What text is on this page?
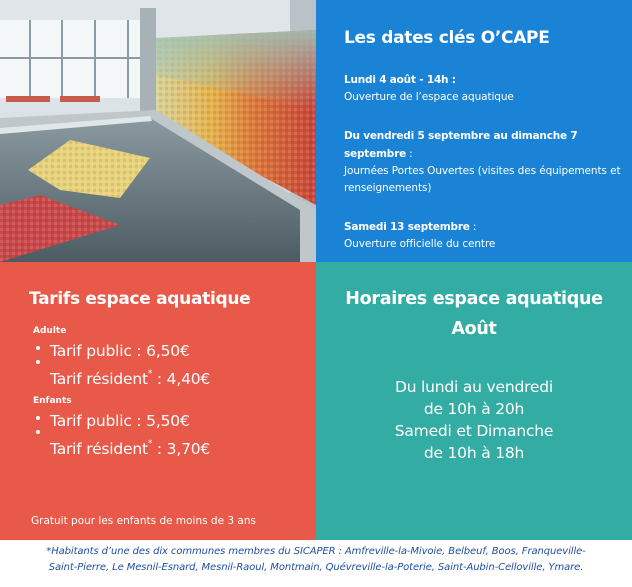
Les dates clés O’CAPE
Lundi 4 août - 14h :
Ouverture de l’espace aquatique
Du vendredi 5 septembre au dimanche 7 septembre :
Journées Portes Ouvertes (visites des équipements et renseignements)
Samedi 13 septembre :
Ouverture officielle du centre
Tarifs espace aquatique
Adulte
Tarif public : 6,50€
Tarif résident* : 4,40€
Enfants
Tarif public : 5,50€
Tarif résident* : 3,70€
Gratuit pour les enfants de moins de 3 ans
Horaires espace aquatique
Août
Du lundi au vendredi
de 10h à 20h
Samedi et Dimanche
de 10h à 18h
*Habitants d’une des dix communes membres du SICAPER : Amfreville-la-Mivoie, Belbeuf, Boos, Franqueville-
Saint-Pierre, Le Mesnil-Esnard, Mesnil-Raoul, Montmain, Quévreville-la-Poterie, Saint-Aubin-Celloville, Ymare.
